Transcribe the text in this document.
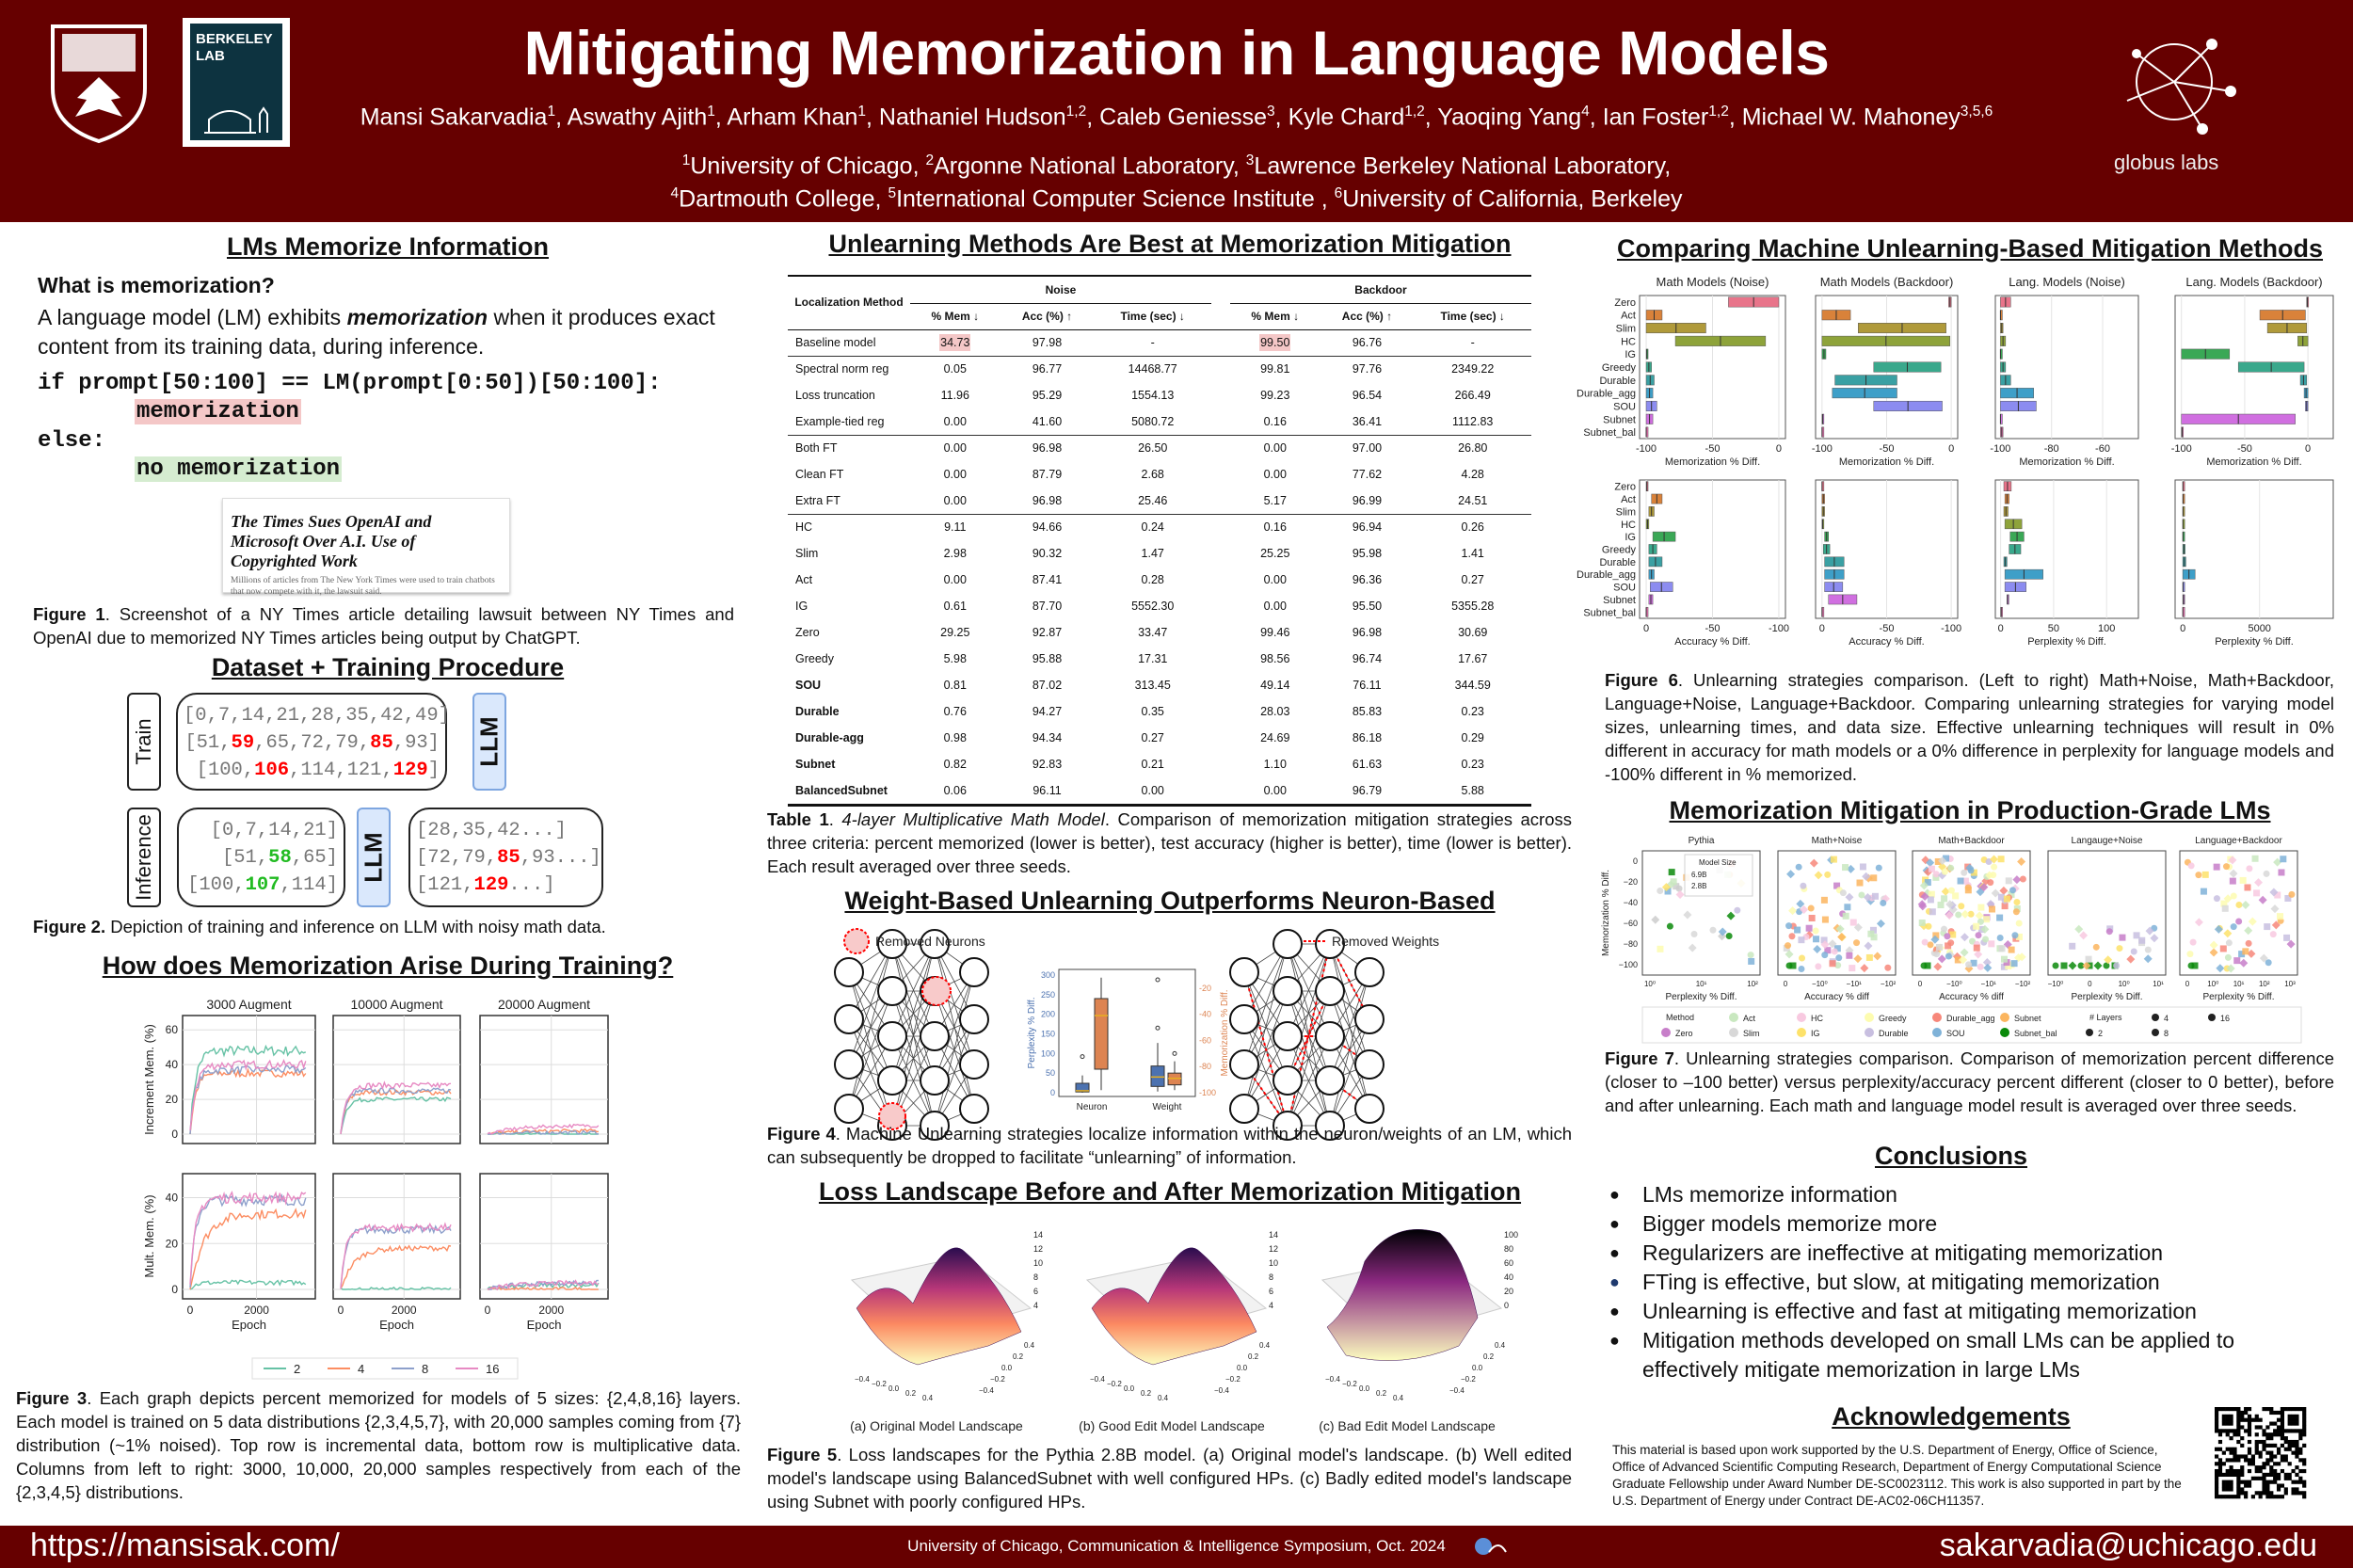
BERKELEY LAB	Mitigating Memorization in Language Models
Mansi Sakarvadia$^1$, Aswathy Ajith$^1$, Arham Khan$^1$, Nathaniel Hudson$^{1,2}$, Caleb Geniesse$^3$, Kyle Chard$^{1,2}$, Yaoqing Yang$^4$, Ian Foster$^{1,2}$, Michael W. Mahoney$^{3,5,6}$
$^1$University of Chicago, $^2$Argonne National Laboratory, $^3$Lawrence Berkeley National Laboratory,
$^4$Dartmouth College, $^5$International Computer Science Institute , $^6$University of California, Berkeley
globus labs
LMs Memorize Information
What is memorization?
A language model (LM) exhibits memorization when it produces exact content from its training data, during inference.
if prompt[50:100] == LM(prompt[0:50])[50:100]:
memorization
else:
no memorization
The Times Sues OpenAI and Microsoft Over A.I. Use of Copyrighted Work
Millions of articles from The New York Times were used to train chatbots that now compete with it, the lawsuit said.
Figure 1. Screenshot of a NY Times article detailing lawsuit between NY Times and OpenAI due to memorized NY Times articles being output by ChatGPT.
Dataset + Training Procedure
Train
[0,7,14,21,28,35,42,49]
[51,59,65,72,79,85,93]
[100,106,114,121,129]
LLM
Inference	[0,7,14,21]
[51,58,65]
[100,107,114]
LLM
[28,35,42...]
[72,79,85,93...]
[121,129...]
Figure 2. Depiction of training and inference on LLM with noisy math data.
How does Memorization Arise During Training?
3000 Augment	10000 Augment	20000 Augment
Increment Mem. (%) 0
20
40
60
Mult. Mem. (%)
0
20
40
0	2000
Epoch
0	2000
Epoch
0	2000
Epoch
2	4	8	16
Figure 3. Each graph depicts percent memorized for models of 5 sizes: {2,4,8,16} layers. Each model is trained on 5 data distributions {2,3,4,5,7}, with 20,000 samples coming from {7} distribution (~1% noised). Top row is incremental data, bottom row is multiplicative data. Columns from left to right: 3000, 10,000, 20,000 samples respectively from each of the {2,3,4,5} distributions.
Unlearning Methods Are Best at Memorization Mitigation
Localization Method	Noise				Backdoor		
	% Mem ↓	Acc (%) ↑	Time (sec) ↓		% Mem ↓	Acc (%) ↑	Time (sec) ↓
Baseline model	34.73	97.98	-		99.50	96.76	-
Spectral norm reg	0.05	96.77	14468.77		99.81	97.76	2349.22
Loss truncation	11.96	95.29	1554.13		99.23	96.54	266.49
Example-tied reg	0.00	41.60	5080.72		0.16	36.41	1112.83
Both FT	0.00	96.98	26.50		0.00	97.00	26.80
Clean FT	0.00	87.79	2.68		0.00	77.62	4.28
Extra FT	0.00	96.98	25.46		5.17	96.99	24.51
HC	9.11	94.66	0.24		0.16	96.94	0.26
Slim	2.98	90.32	1.47		25.25	95.98	1.41
Act	0.00	87.41	0.28		0.00	96.36	0.27
IG	0.61	87.70	5552.30		0.00	95.50	5355.28
Zero	29.25	92.87	33.47		99.46	96.98	30.69
Greedy	5.98	95.88	17.31		98.56	96.74	17.67
SOU	0.81	87.02	313.45		49.14	76.11	344.59
Durable	0.76	94.27	0.35		28.03	85.83	0.23
Durable-agg	0.98	94.34	0.27		24.69	86.18	0.29
Subnet	0.82	92.83	0.21		1.10	61.63	0.23
BalancedSubnet	0.06	96.11	0.00		0.00	96.79	5.88
Table 1. 4-layer Multiplicative Math Model. Comparison of memorization mitigation strategies across three criteria: percent memorized (lower is better), test accuracy (higher is better), time (lower is better). Each result averaged over three seeds.
Weight-Based Unlearning Outperforms Neuron-Based
Removed Neurons	Removed Weights
0
50
100
150
200
250
300
-100
-80
-60
-40
-20
Perplexity % Diff.	Memorization % Diff.
Neuron	Weight
Figure 4. Machine Unlearning strategies localize information within the neuron/weights of an LM, which can subsequently be dropped to facilitate “unlearning” of information.
Loss Landscape Before and After Memorization Mitigation
14
12
10
8
6
4
−0.4
−0.2
0.0
0.2
0.4
−0.4
−0.2
0.0
0.2
0.4
(a) Original Model Landscape
14
12
10
8
6
4
−0.4
−0.2
0.0
0.2
0.4
−0.4
−0.2
0.0
0.2
0.4
(b) Good Edit Model Landscape
100
80
60
40
20
0
−0.4
−0.2
0.0
0.2
0.4
−0.4
−0.2
0.0
0.2
0.4
(c) Bad Edit Model Landscape
Figure 5. Loss landscapes for the Pythia 2.8B model. (a) Original model's landscape. (b) Well edited model's landscape using BalancedSubnet with well configured HPs. (c) Badly edited model's landscape using Subnet with poorly configured HPs.
Comparing Machine Unlearning-Based Mitigation Methods
Math Models (Noise)	Math Models (Backdoor)	Lang. Models (Noise)	Lang. Models (Backdoor)
-100	-50	0
Zero
Act
Slim
HC
IG
Greedy
Durable
Durable_agg
SOU
Subnet
Subnet_bal
Memorization % Diff.
-100	-50	0
Memorization % Diff.
-100	-80	-60
Memorization % Diff.
-100	-50	0
Memorization % Diff.
0	-50	-100
Zero
Act
Slim
HC
IG
Greedy
Durable
Durable_agg
SOU
Subnet
Subnet_bal
Accuracy % Diff.
0	-50	-100
Accuracy % Diff.
0	50	100
Perplexity % Diff.
0	5000
Perplexity % Diff.
Figure 6. Unlearning strategies comparison. (Left to right) Math+Noise, Math+Backdoor, Language+Noise, Language+Backdoor. Comparing unlearning strategies for varying model sizes, unlearning times, and data size. Effective unlearning techniques will result in 0% different in accuracy for math models or a 0% difference in perplexity for language models and -100% different in % memorized.
Memorization Mitigation in Production-Grade LMs
Memorization % Diff.
0
−20
−40
−60
−80
−100
Pythia
10⁰	10¹	10²
Perplexity % Diff.
Math+Noise
0	−10⁰ −10¹	−10²
Accuracy % diff
Math+Backdoor
0	−10⁰ −10¹	−10²
Accuracy % diff
Langauge+Noise
−10⁰	0	10⁰	10¹
Perplexity % Diff.
Language+Backdoor
0 10⁰ 10¹ 10² 10³
Perplexity % Diff.
Model Size
6.9B
2.8B
Method
Zero
Act
Slim
HC
IG
Greedy
Durable
Durable_agg
SOU
Subnet
Subnet_bal
# Layers
2
4
8
16
Figure 7. Unlearning strategies comparison. Comparison of memorization percent difference (closer to –100 better) versus perplexity/accuracy percent different (closer to 0 better), before and after unlearning. Each math and language model result is averaged over three seeds.
Conclusions
●	LMs memorize information
●	Bigger models memorize more
●	Regularizers are ineffective at mitigating memorization
●	FTing is effective, but slow, at mitigating memorization
●	Unlearning is effective and fast at mitigating memorization
●	Mitigation methods developed on small LMs can be applied to effectively mitigate memorization in large LMs
Acknowledgements
This material is based upon work supported by the U.S. Department of Energy, Office of Science, Office of Advanced Scientific Computing Research, Department of Energy Computational Science Graduate Fellowship under Award Number DE-SC0023112. This work is also supported in part by the U.S. Department of Energy under Contract DE-AC02-06CH11357.
https://mansisak.com/	University of Chicago, Communication & Intelligence Symposium, Oct. 2024	sakarvadia@uchicago.edu
